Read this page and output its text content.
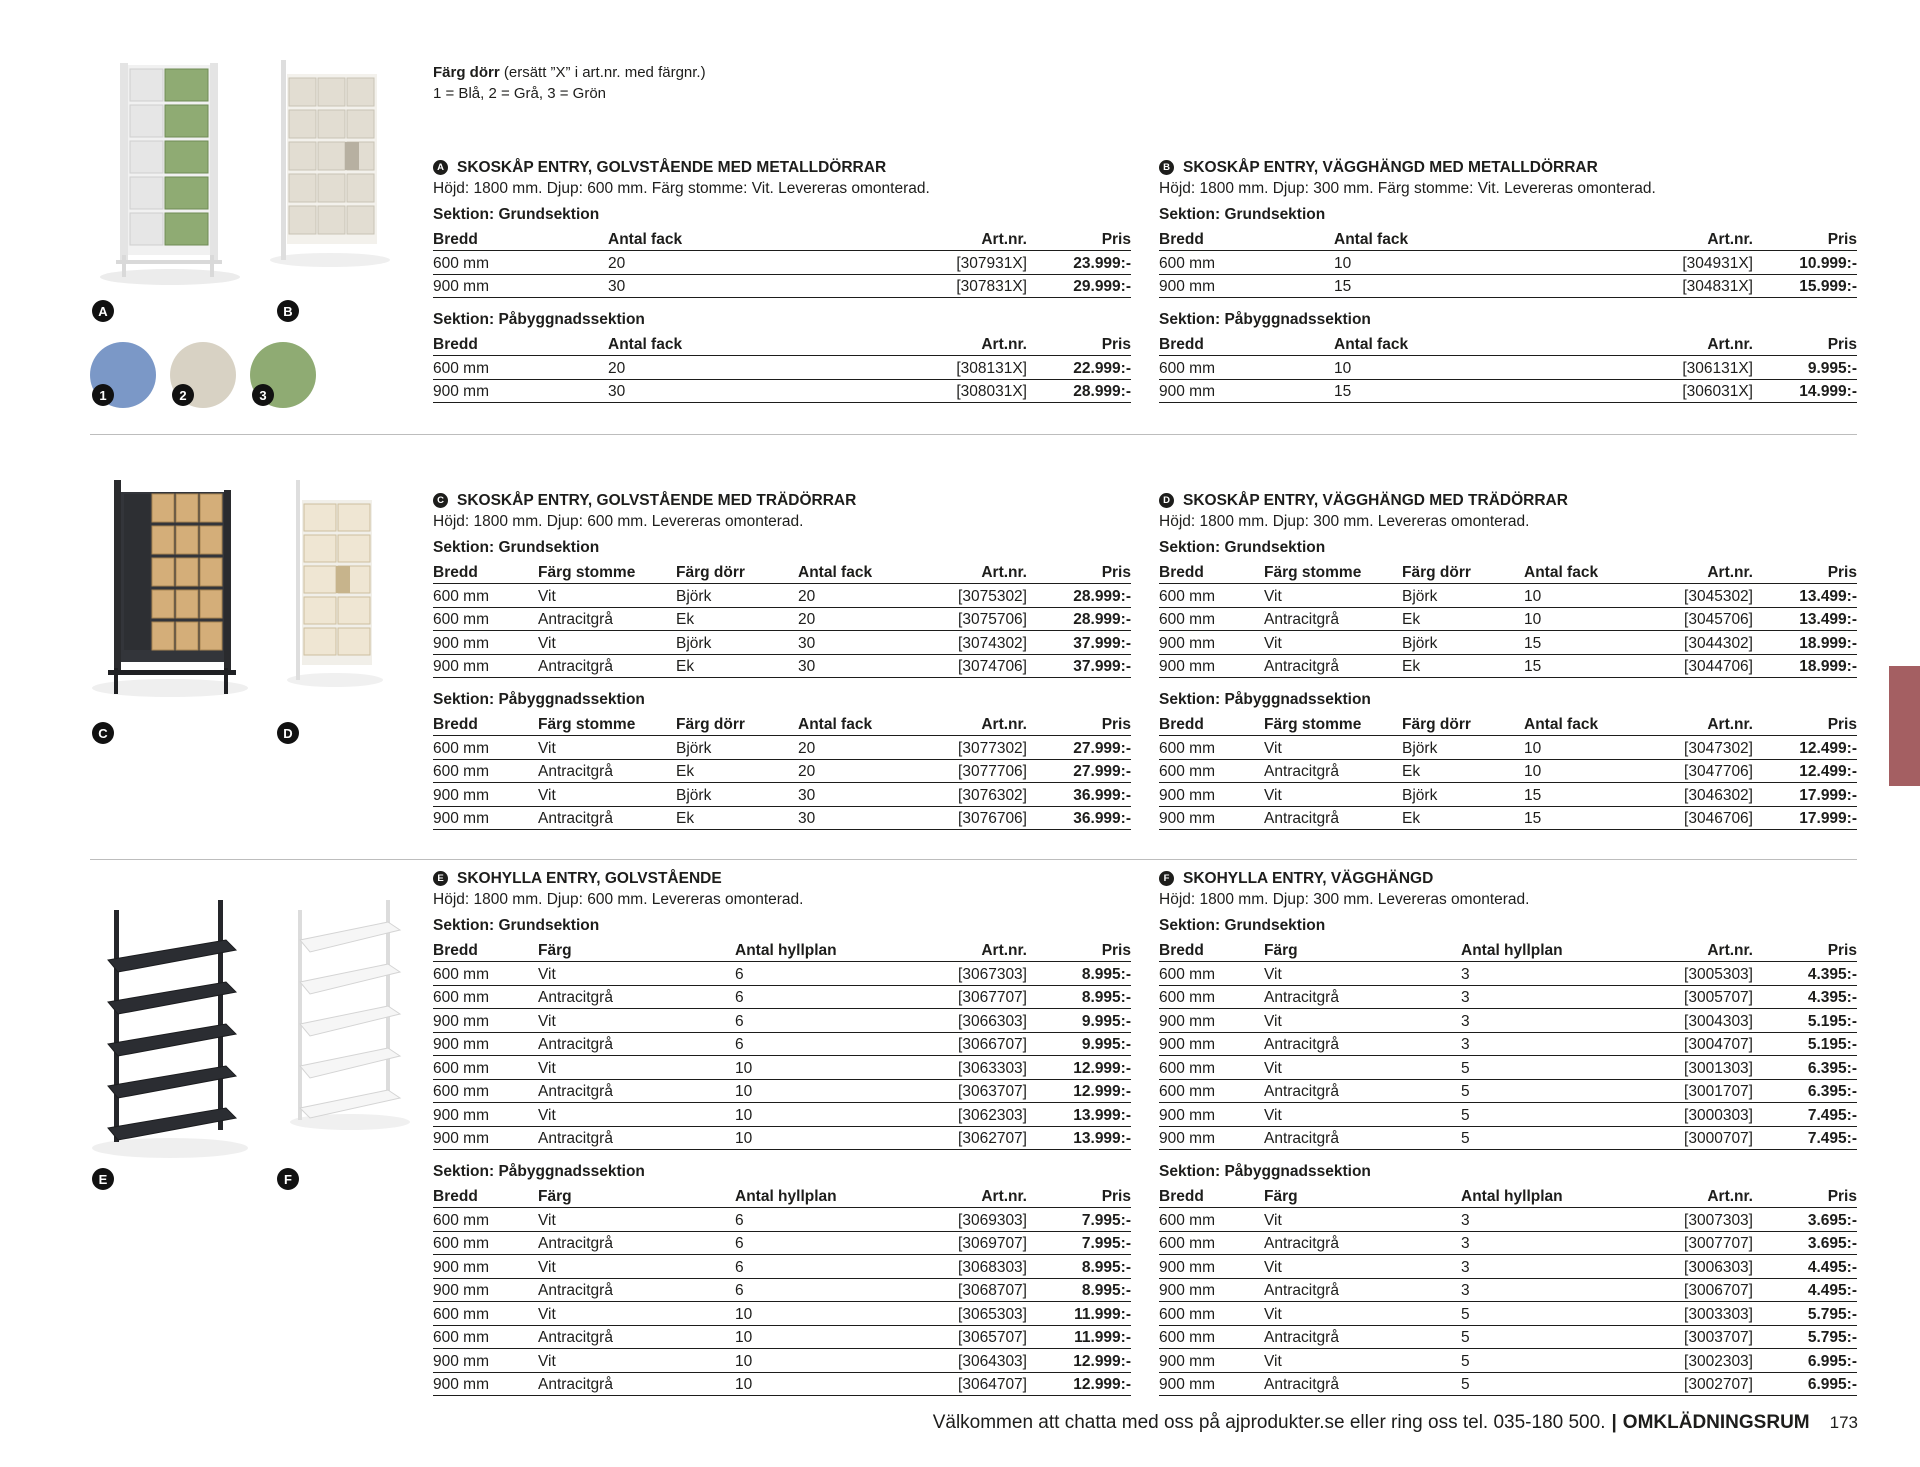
A	B
C	D
E	F
1	2	3
Färg dörr (ersätt ”X” i art.nr. med färgnr.)
1 = Blå, 2 = Grå, 3 = Grön
A SKOSKÅP ENTRY, GOLVSTÅENDE MED METALLDÖRRAR
Höjd: 1800 mm. Djup: 600 mm. Färg stomme: Vit. Levereras omonterad.
Sektion: Grundsektion
Bredd	Antal fack	Art.nr.	Pris
600 mm	20	[307931X]	23.999:-
900 mm	30	[307831X]	29.999:-
Sektion: Påbyggnadssektion
Bredd	Antal fack	Art.nr.	Pris
600 mm	20	[308131X]	22.999:-
900 mm	30	[308031X]	28.999:-
B SKOSKÅP ENTRY, VÄGGHÄNGD MED METALLDÖRRAR
Höjd: 1800 mm. Djup: 300 mm. Färg stomme: Vit. Levereras omonterad.
Sektion: Grundsektion
Bredd	Antal fack	Art.nr.	Pris
600 mm	10	[304931X]	10.999:-
900 mm	15	[304831X]	15.999:-
Sektion: Påbyggnadssektion
Bredd	Antal fack	Art.nr.	Pris
600 mm	10	[306131X]	9.995:-
900 mm	15	[306031X]	14.999:-
C SKOSKÅP ENTRY, GOLVSTÅENDE MED TRÄDÖRRAR
Höjd: 1800 mm. Djup: 600 mm. Levereras omonterad.
Sektion: Grundsektion
Bredd	Färg stomme	Färg dörr	Antal fack	Art.nr.	Pris
600 mm	Vit	Björk	20	[3075302]	28.999:-
600 mm	Antracitgrå	Ek	20	[3075706]	28.999:-
900 mm	Vit	Björk	30	[3074302]	37.999:-
900 mm	Antracitgrå	Ek	30	[3074706]	37.999:-
Sektion: Påbyggnadssektion
Bredd	Färg stomme	Färg dörr	Antal fack	Art.nr.	Pris
600 mm	Vit	Björk	20	[3077302]	27.999:-
600 mm	Antracitgrå	Ek	20	[3077706]	27.999:-
900 mm	Vit	Björk	30	[3076302]	36.999:-
900 mm	Antracitgrå	Ek	30	[3076706]	36.999:-
D SKOSKÅP ENTRY, VÄGGHÄNGD MED TRÄDÖRRAR
Höjd: 1800 mm. Djup: 300 mm. Levereras omonterad.
Sektion: Grundsektion
Bredd	Färg stomme	Färg dörr	Antal fack	Art.nr.	Pris
600 mm	Vit	Björk	10	[3045302]	13.499:-
600 mm	Antracitgrå	Ek	10	[3045706]	13.499:-
900 mm	Vit	Björk	15	[3044302]	18.999:-
900 mm	Antracitgrå	Ek	15	[3044706]	18.999:-
Sektion: Påbyggnadssektion
Bredd	Färg stomme	Färg dörr	Antal fack	Art.nr.	Pris
600 mm	Vit	Björk	10	[3047302]	12.499:-
600 mm	Antracitgrå	Ek	10	[3047706]	12.499:-
900 mm	Vit	Björk	15	[3046302]	17.999:-
900 mm	Antracitgrå	Ek	15	[3046706]	17.999:-
E SKOHYLLA ENTRY, GOLVSTÅENDE
Höjd: 1800 mm. Djup: 600 mm. Levereras omonterad.
Sektion: Grundsektion
Bredd	Färg	Antal hyllplan	Art.nr.	Pris
600 mm	Vit	6	[3067303]	8.995:-
600 mm	Antracitgrå	6	[3067707]	8.995:-
900 mm	Vit	6	[3066303]	9.995:-
900 mm	Antracitgrå	6	[3066707]	9.995:-
600 mm	Vit	10	[3063303]	12.999:-
600 mm	Antracitgrå	10	[3063707]	12.999:-
900 mm	Vit	10	[3062303]	13.999:-
900 mm	Antracitgrå	10	[3062707]	13.999:-
Sektion: Påbyggnadssektion
Bredd	Färg	Antal hyllplan	Art.nr.	Pris
600 mm	Vit	6	[3069303]	7.995:-
600 mm	Antracitgrå	6	[3069707]	7.995:-
900 mm	Vit	6	[3068303]	8.995:-
900 mm	Antracitgrå	6	[3068707]	8.995:-
600 mm	Vit	10	[3065303]	11.999:-
600 mm	Antracitgrå	10	[3065707]	11.999:-
900 mm	Vit	10	[3064303]	12.999:-
900 mm	Antracitgrå	10	[3064707]	12.999:-
F SKOHYLLA ENTRY, VÄGGHÄNGD
Höjd: 1800 mm. Djup: 300 mm. Levereras omonterad.
Sektion: Grundsektion
Bredd	Färg	Antal hyllplan	Art.nr.	Pris
600 mm	Vit	3	[3005303]	4.395:-
600 mm	Antracitgrå	3	[3005707]	4.395:-
900 mm	Vit	3	[3004303]	5.195:-
900 mm	Antracitgrå	3	[3004707]	5.195:-
600 mm	Vit	5	[3001303]	6.395:-
600 mm	Antracitgrå	5	[3001707]	6.395:-
900 mm	Vit	5	[3000303]	7.495:-
900 mm	Antracitgrå	5	[3000707]	7.495:-
Sektion: Påbyggnadssektion
Bredd	Färg	Antal hyllplan	Art.nr.	Pris
600 mm	Vit	3	[3007303]	3.695:-
600 mm	Antracitgrå	3	[3007707]	3.695:-
900 mm	Vit	3	[3006303]	4.495:-
900 mm	Antracitgrå	3	[3006707]	4.495:-
600 mm	Vit	5	[3003303]	5.795:-
600 mm	Antracitgrå	5	[3003707]	5.795:-
900 mm	Vit	5	[3002303]	6.995:-
900 mm	Antracitgrå	5	[3002707]	6.995:-
Välkommen att chatta med oss på ajprodukter.se eller ring oss tel. 035-180 500. | OMKLÄDNINGSRUM 173
